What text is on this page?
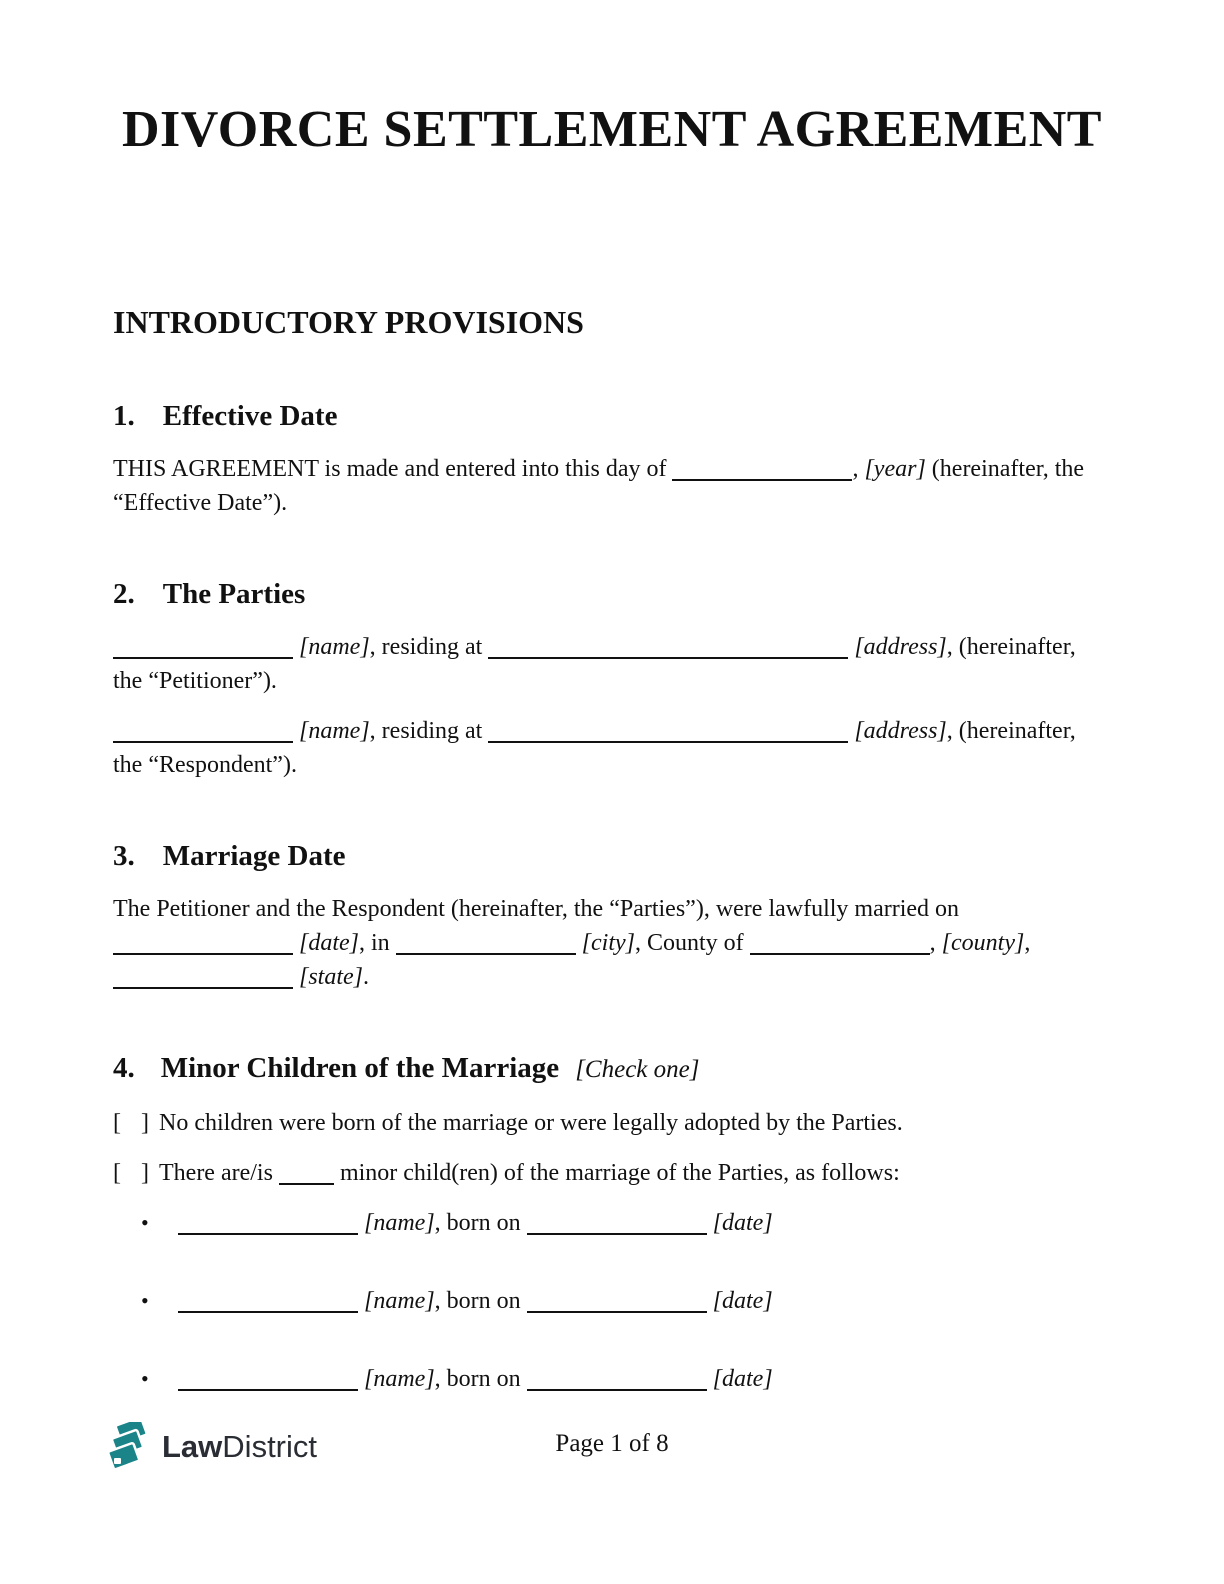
DIVORCE SETTLEMENT AGREEMENT
INTRODUCTORY PROVISIONS
1. Effective Date

THIS AGREEMENT is made and entered into this day of	, [year] (hereinafter, the “Effective Date”).

2. The Parties

[name], residing at	[address], (hereinafter, the “Petitioner”).

[name], residing at	[address], (hereinafter, the “Respondent”).

3. Marriage Date

The Petitioner and the Respondent (hereinafter, the “Parties”), were lawfully married on [date], in	[city], County of	, [county], [state].

4. Minor Children of the Marriage [Check one]

[ ] No children were born of the marriage or were legally adopted by the Parties.

[ ] There are/is  minor child(ren) of the marriage of the Parties, as follows:

• [name], born on	[date]
• [name], born on	[date]
• [name], born on	[date]
Law District	Page 1 of 8
